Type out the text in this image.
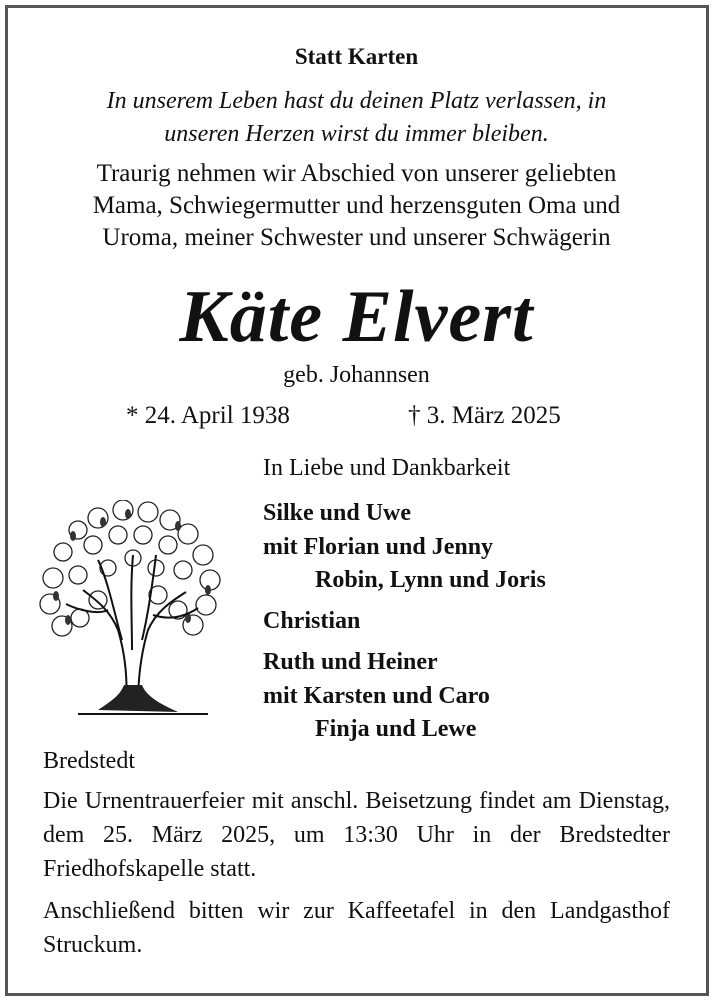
Statt Karten
In unserem Leben hast du deinen Platz verlassen, in
unseren Herzen wirst du immer bleiben.
Traurig nehmen wir Abschied von unserer geliebten
Mama, Schwiegermutter und herzensguten Oma und
Uroma, meiner Schwester und unserer Schwägerin
Käte Elvert
geb. Johannsen
* 24. April 1938	† 3. März 2025
In Liebe und Dankbarkeit
Silke und Uwe
mit Florian und Jenny
Robin, Lynn und Joris
Christian
Ruth und Heiner
mit Karsten und Caro
Finja und Lewe
Bredstedt
Die Urnentrauerfeier mit anschl. Beisetzung findet am Dienstag, dem 25. März 2025, um 13:30 Uhr in der Bredstedter Friedhofskapelle statt.
Anschließend bitten wir zur Kaffeetafel in den Landgasthof Struckum.
